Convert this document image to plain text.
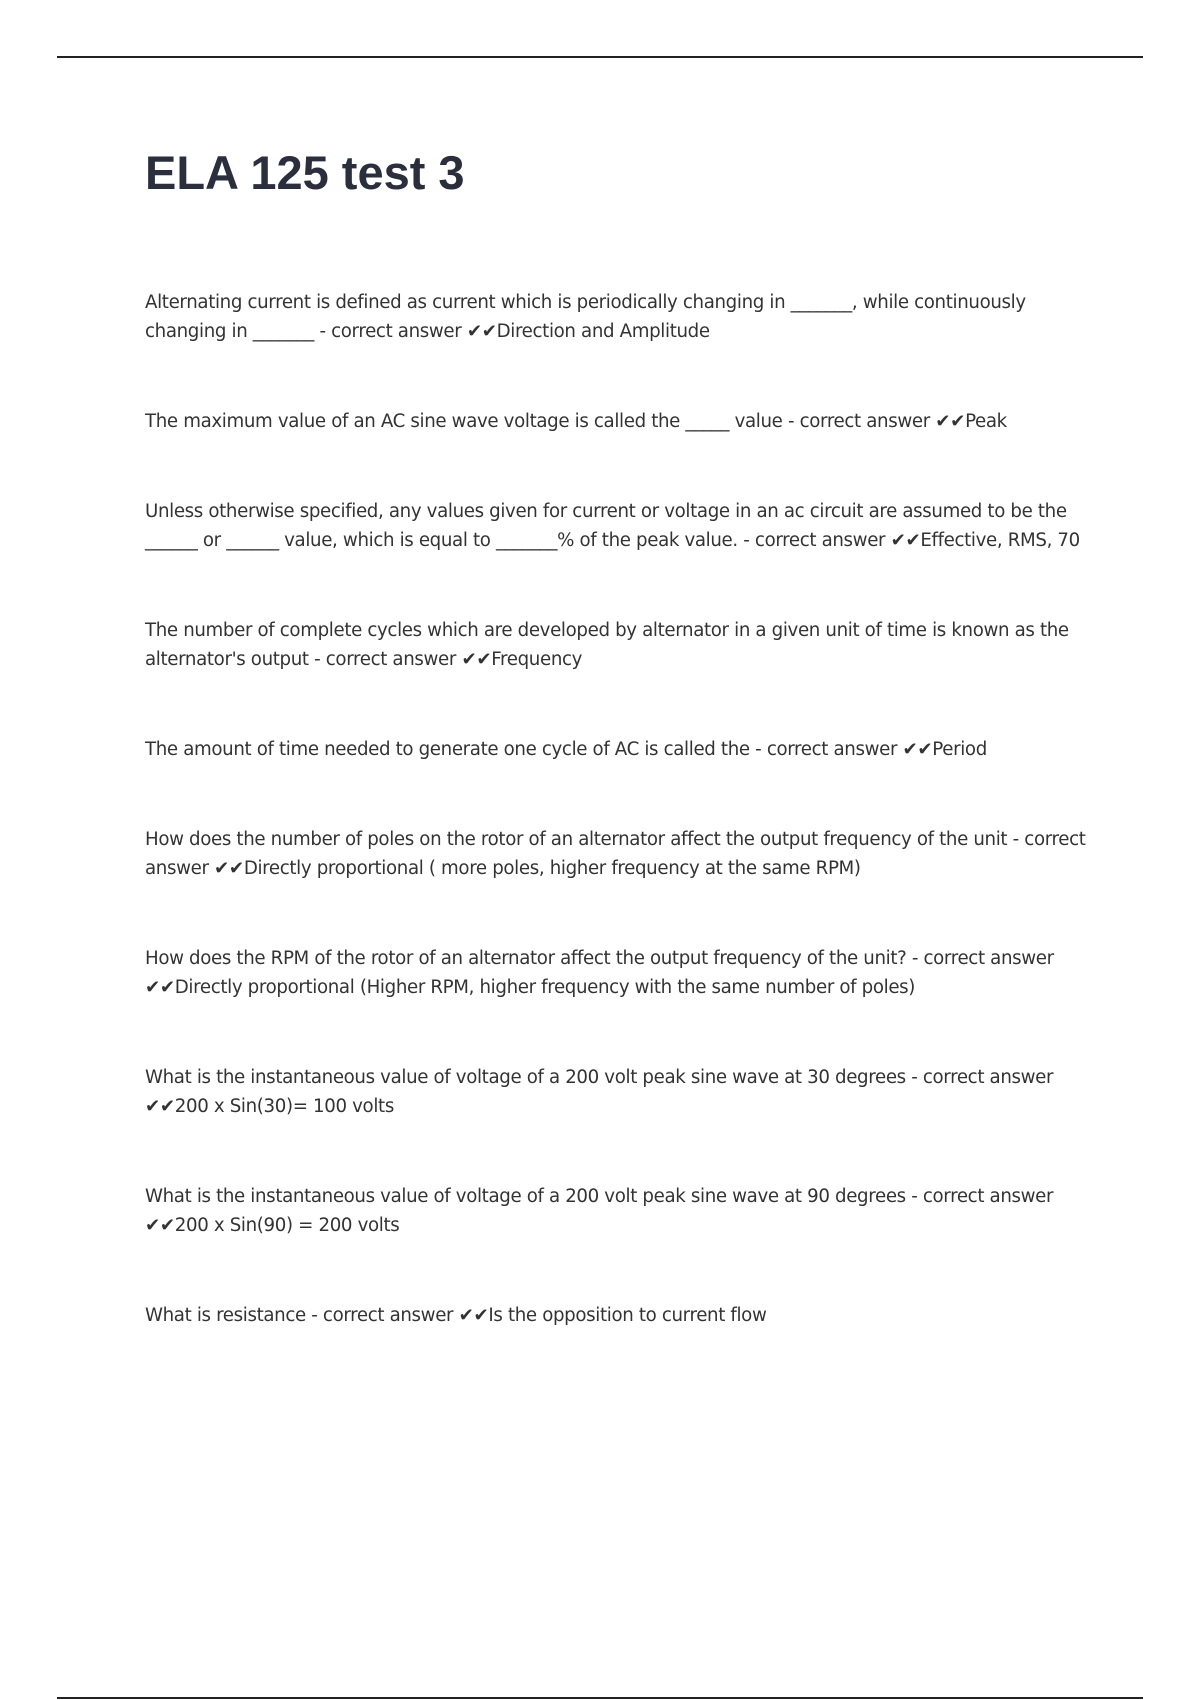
ELA 125 test 3

Alternating current is defined as current which is periodically changing in _______, while continuously changing in _______ - correct answer ✔✔Direction and Amplitude

The maximum value of an AC sine wave voltage is called the _____ value - correct answer ✔✔Peak

Unless otherwise specified, any values given for current or voltage in an ac circuit are assumed to be the ______ or ______ value, which is equal to _______% of the peak value. - correct answer ✔✔Effective, RMS, 70

The number of complete cycles which are developed by alternator in a given unit of time is known as the alternator's output - correct answer ✔✔Frequency

The amount of time needed to generate one cycle of AC is called the - correct answer ✔✔Period

How does the number of poles on the rotor of an alternator affect the output frequency of the unit - correct answer ✔✔Directly proportional ( more poles, higher frequency at the same RPM)

How does the RPM of the rotor of an alternator affect the output frequency of the unit? - correct answer ✔✔Directly proportional (Higher RPM, higher frequency with the same number of poles)

What is the instantaneous value of voltage of a 200 volt peak sine wave at 30 degrees - correct answer ✔✔200 x Sin(30)= 100 volts

What is the instantaneous value of voltage of a 200 volt peak sine wave at 90 degrees - correct answer ✔✔200 x Sin(90) = 200 volts

What is resistance - correct answer ✔✔Is the opposition to current flow
